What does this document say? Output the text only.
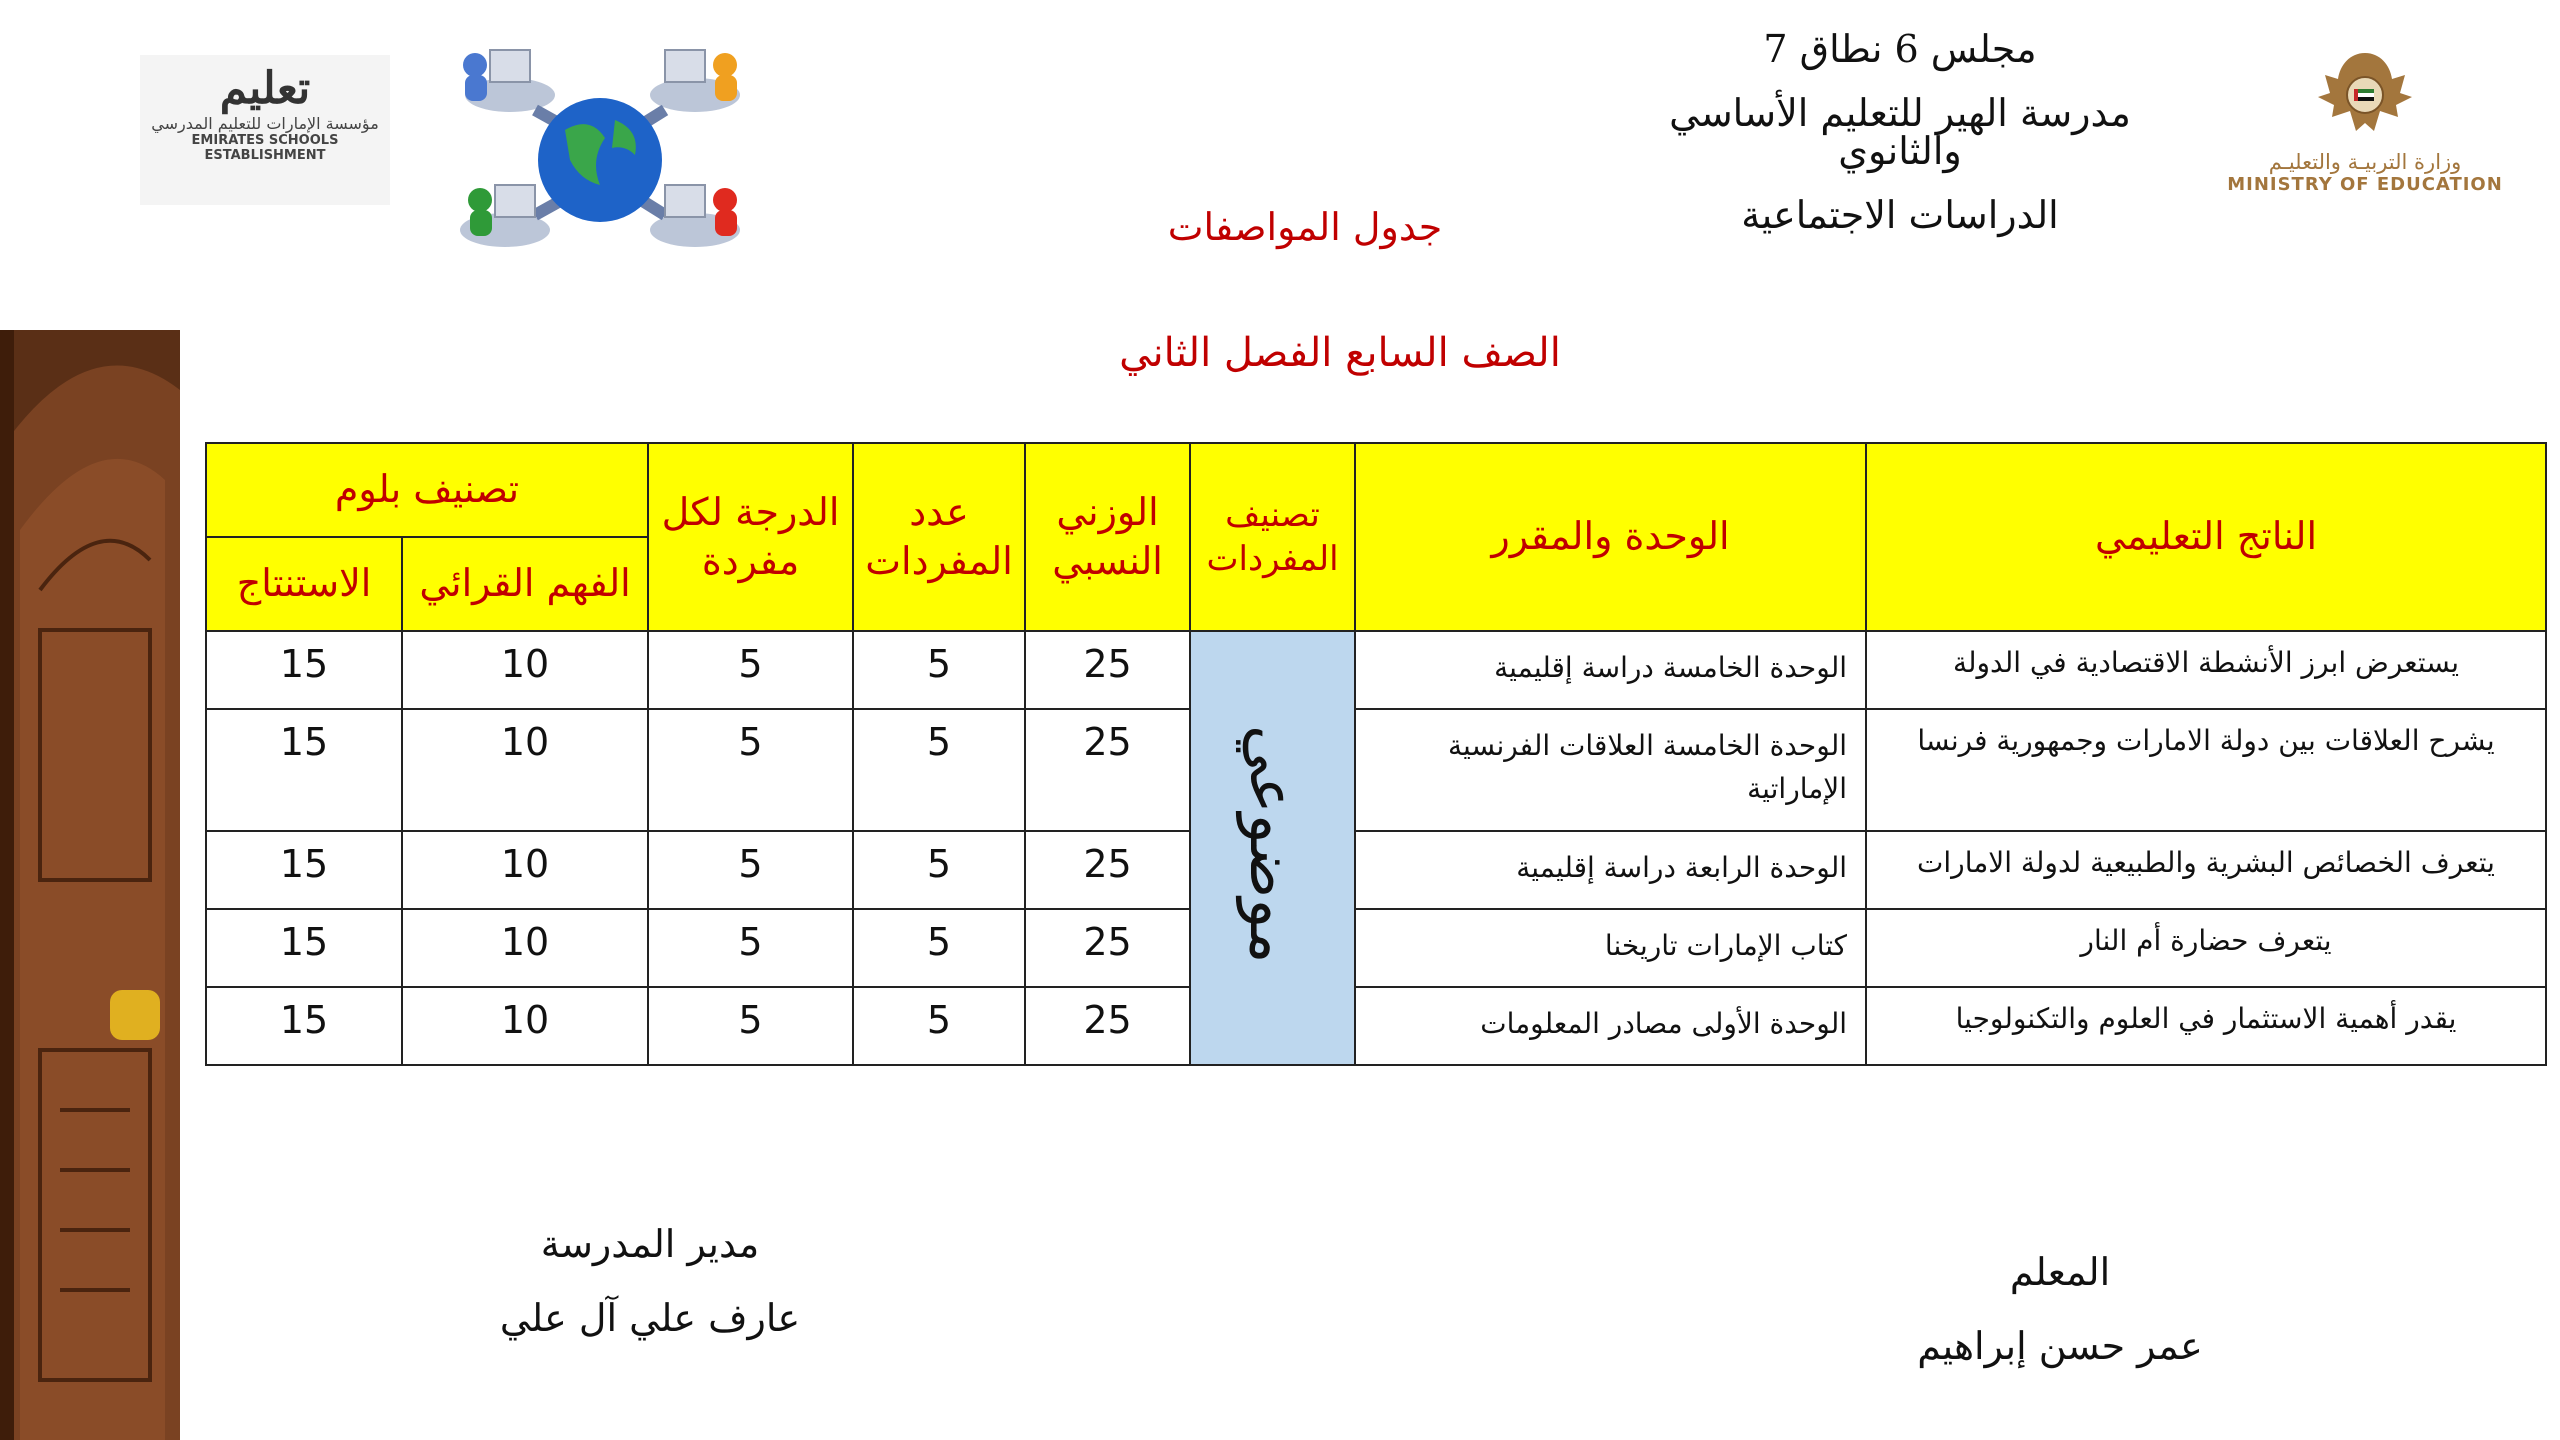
وزارة التربيـة والتعليـم
MINISTRY OF EDUCATION
مجلس 6 نطاق 7
مدرسة الهير للتعليم الأساسي والثانوي
الدراسات الاجتماعية
تعليم
مؤسسة الإمارات للتعليم المدرسي
EMIRATES SCHOOLS ESTABLISHMENT
جدول المواصفات
الصف السابع الفصل الثاني
الناتج التعليمي	الوحدة والمقرر	تصنيف المفردات	الوزني النسبي	عدد المفردات	الدرجة لكل مفردة	تصنيف بلوم	
						الفهم القرائي	الاستنتاج
يستعرض ابرز الأنشطة الاقتصادية في الدولة	الوحدة الخامسة دراسة إقليمية	موضوعي	25	5	5	10	15
يشرح العلاقات بين دولة الامارات وجمهورية فرنسا	الوحدة الخامسة العلاقات الفرنسية الإماراتية		25	5	5	10	15
يتعرف الخصائص البشرية والطبيعية لدولة الامارات	الوحدة الرابعة دراسة إقليمية		25	5	5	10	15
يتعرف حضارة أم النار	كتاب الإمارات تاريخنا		25	5	5	10	15
يقدر أهمية الاستثمار في العلوم والتكنولوجيا	الوحدة الأولى مصادر المعلومات		25	5	5	10	15
مدير المدرسة
عارف علي آل علي
المعلم
عمر حسن إبراهيم
